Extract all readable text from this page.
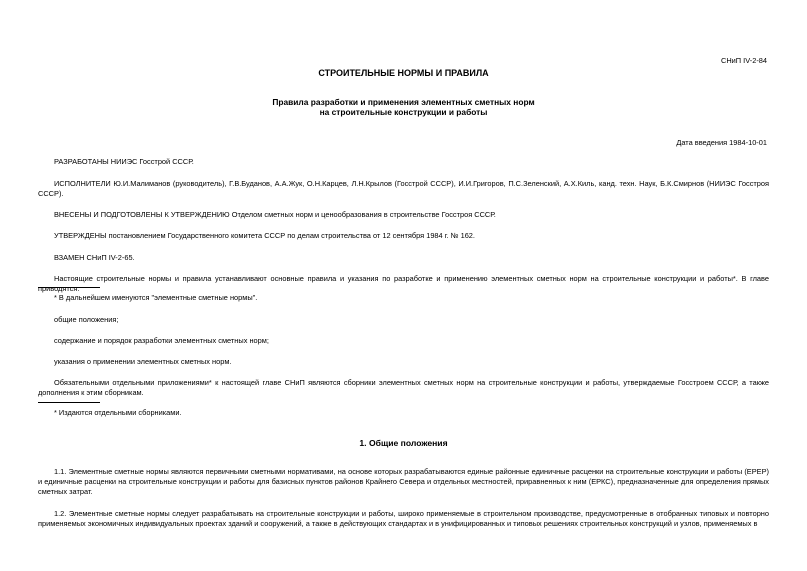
СНиП IV-2-84
СТРОИТЕЛЬНЫЕ НОРМЫ И ПРАВИЛА
Правила разработки и применения элементных сметных норм
на строительные конструкции и работы
Дата введения 1984-10-01
РАЗРАБОТАНЫ НИИЭС Госстрой СССР.
ИСПОЛНИТЕЛИ Ю.И.Малиманов (руководитель), Г.В.Буданов, А.А.Жук, О.Н.Карцев, Л.Н.Крылов (Госстрой СССР), И.И.Григоров, П.С.Зеленский, А.Х.Киль, канд. техн. Наук, Б.К.Смирнов (НИИЭС Госстроя СССР).
ВНЕСЕНЫ И ПОДГОТОВЛЕНЫ К УТВЕРЖДЕНИЮ Отделом сметных норм и ценообразования в строительстве Госстроя СССР.
УТВЕРЖДЕНЫ постановлением Государственного комитета СССР по делам строительства от 12 сентября 1984 г. № 162.
ВЗАМЕН СНиП IV-2-65.
Настоящие строительные нормы и правила устанавливают основные правила и указания по разработке и применению элементных сметных норм на строительные конструкции и работы*. В главе приводятся:
* В дальнейшем именуются "элементные сметные нормы".
общие положения;
содержание и порядок разработки элементных сметных норм;
указания о применении элементных сметных норм.
Обязательными отдельными приложениями* к настоящей главе СНиП являются сборники элементных сметных норм на строительные конструкции и работы, утверждаемые Госстроем СССР, а также дополнения к этим сборникам.
* Издаются отдельными сборниками.
1. Общие положения
1.1. Элементные сметные нормы являются первичными сметными нормативами, на основе которых разрабатываются единые районные единичные расценки на строительные конструкции и работы (ЕРЕР) и единичные расценки на строительные конструкции и работы для базисных пунктов районов Крайнего Севера и отдельных местностей, приравненных к ним (ЕРКС), предназначенные для определения прямых сметных затрат.
1.2. Элементные сметные нормы следует разрабатывать на строительные конструкции и работы, широко применяемые в строительном производстве, предусмотренные в отобранных типовых и повторно применяемых экономичных индивидуальных проектах зданий и сооружений, а также в действующих стандартах и в унифицированных и типовых решениях строительных конструкций и узлов, применяемых в
